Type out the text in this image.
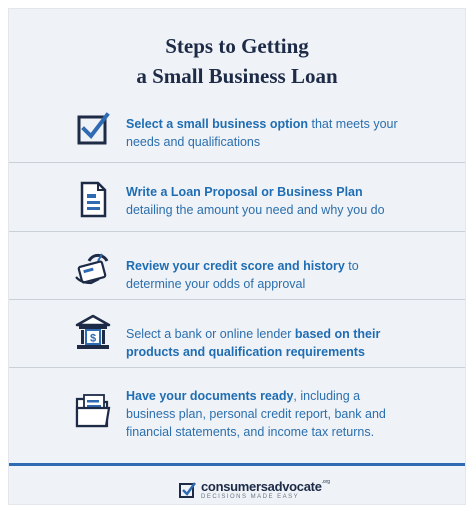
Steps to Getting
a Small Business Loan
Select a small business option that meets your needs and qualifications
Write a Loan Proposal or Business Plan detailing the amount you need and why you do
Review your credit score and history to determine your odds of approval
$ Select a bank or online lender based on their products and qualification requirements
Have your documents ready, including a business plan, personal credit report, bank and financial statements, and income tax returns.
consumersadvocate$^{.org}$
DECISIONS MADE EASY
